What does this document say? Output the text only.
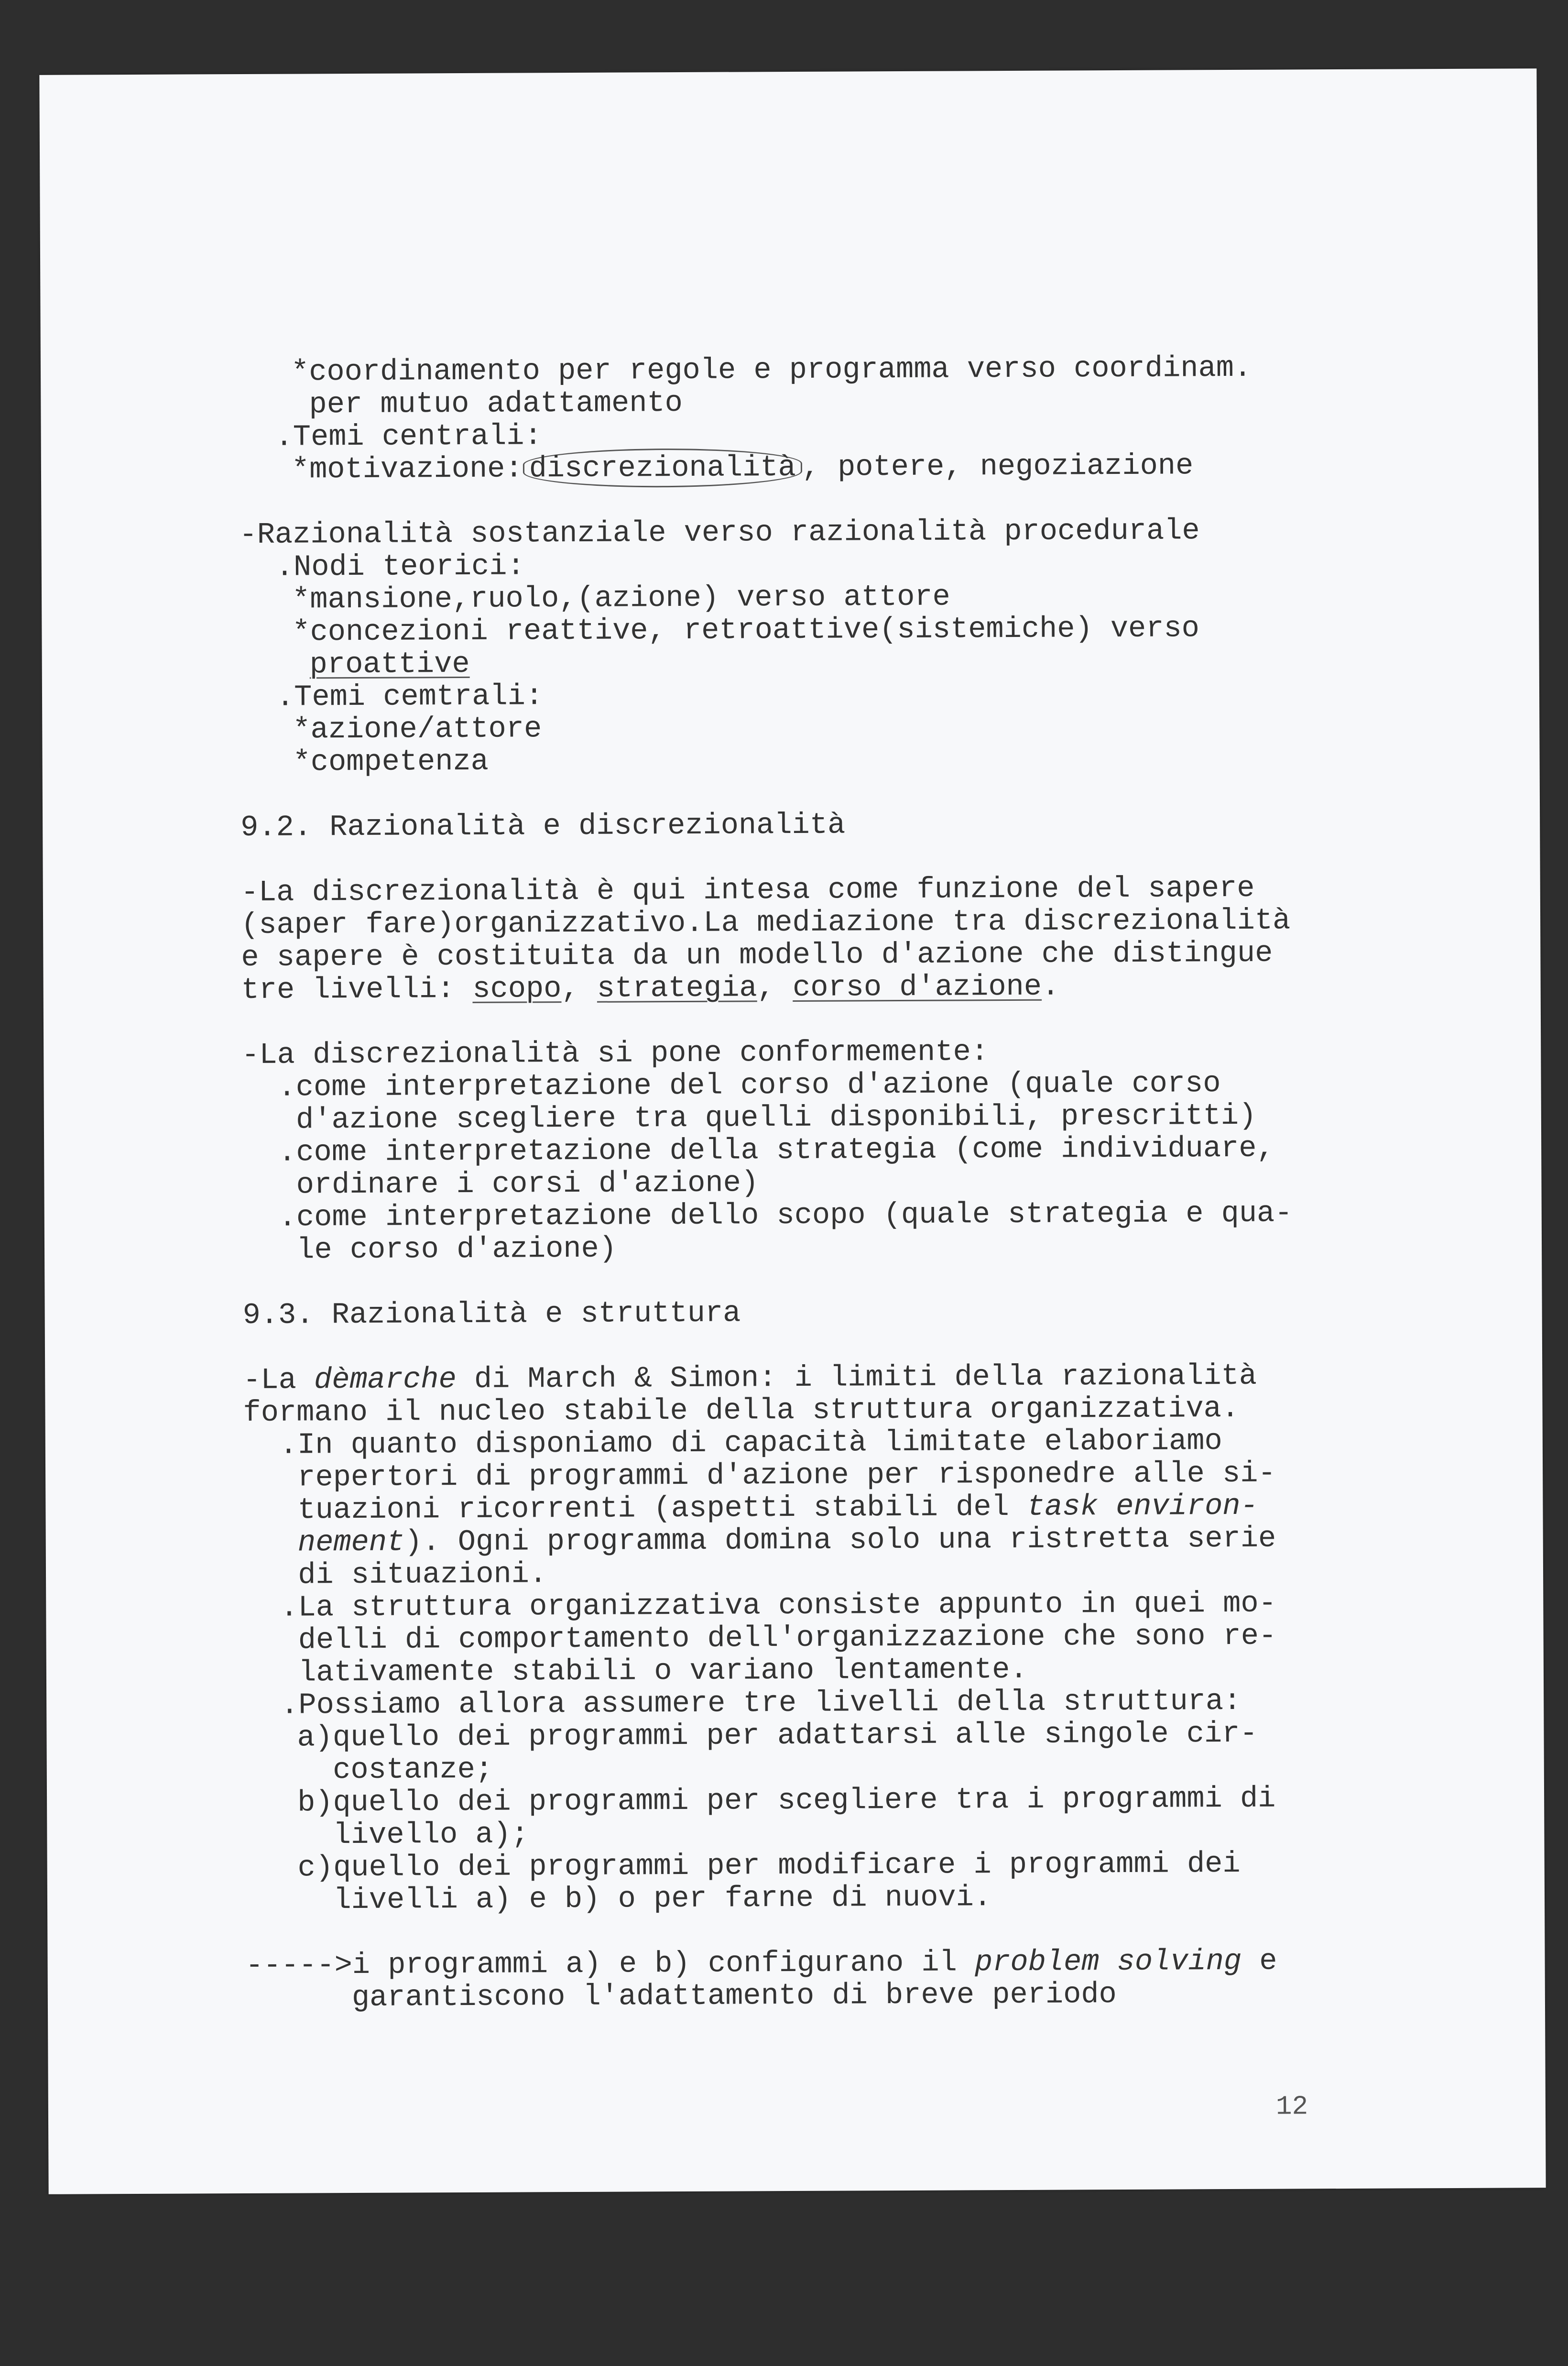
*coordinamento per regole e programma verso coordinam.

per mutuo adattamento

.Temi centrali:

*motivazione: discrezionalità , potere, negoziazione

-Razionalità sostanziale verso razionalità procedurale

.Nodi teorici:

*mansione,ruolo,(azione) verso attore

*concezioni reattive, retroattive(sistemiche) verso

proattive

.Temi cemtrali:

*azione/attore

*competenza

9.2. Razionalità e discrezionalità

-La discrezionalità è qui intesa come funzione del sapere

(saper fare)organizzativo.La mediazione tra discrezionalità

e sapere è costituita da un modello d'azione che distingue

tre livelli: scopo, strategia, corso d'azione.

-La discrezionalità si pone conformemente:

.come interpretazione del corso d'azione (quale corso

d'azione scegliere tra quelli disponibili, prescritti)

.come interpretazione della strategia (come individuare,

ordinare i corsi d'azione)

.come interpretazione dello scopo (quale strategia e qua-

le corso d'azione)

9.3. Razionalità e struttura

-La dèmarche di March & Simon: i limiti della razionalità

formano il nucleo stabile della struttura organizzativa.

.In quanto disponiamo di capacità limitate elaboriamo

repertori di programmi d'azione per risponedre alle si-

tuazioni ricorrenti (aspetti stabili del task environ-

nement). Ogni programma domina solo una ristretta serie

di situazioni.

.La struttura organizzativa consiste appunto in quei mo-

delli di comportamento dell'organizzazione che sono re-

lativamente stabili o variano lentamente.

.Possiamo allora assumere tre livelli della struttura:

a)quello dei programmi per adattarsi alle singole cir-

costanze;

b)quello dei programmi per scegliere tra i programmi di

livello a);

c)quello dei programmi per modificare i programmi dei

livelli a) e b) o per farne di nuovi.

----->i programmi a) e b) configurano il problem solving e

garantiscono l'adattamento di breve periodo

12
